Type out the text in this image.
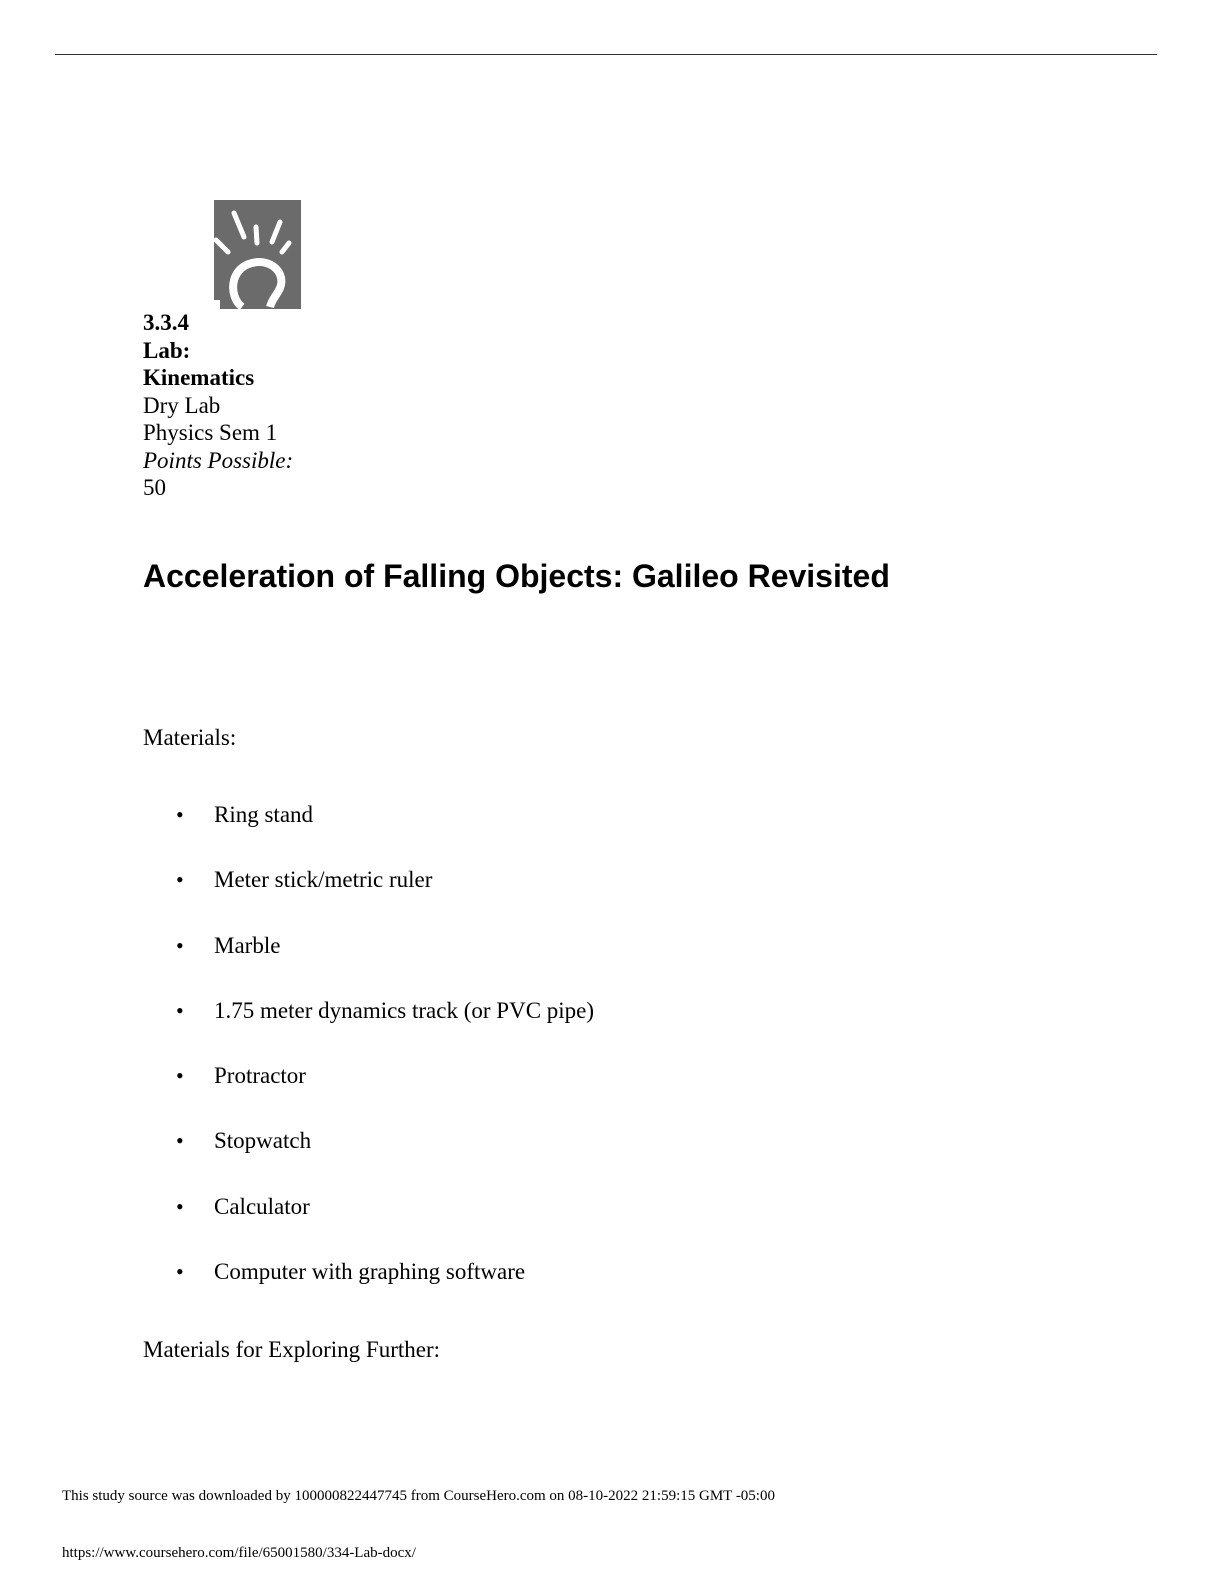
3.3.4
Lab:
Kinematics
Dry Lab
Physics Sem 1
Points Possible:
50
Acceleration of Falling Objects: Galileo Revisited
Materials:
• Ring stand
• Meter stick/metric ruler
• Marble
• 1.75 meter dynamics track (or PVC pipe)
• Protractor
• Stopwatch
• Calculator
• Computer with graphing software
Materials for Exploring Further:
This study source was downloaded by 100000822447745 from CourseHero.com on 08-10-2022 21:59:15 GMT -05:00
https://www.coursehero.com/file/65001580/334-Lab-docx/
